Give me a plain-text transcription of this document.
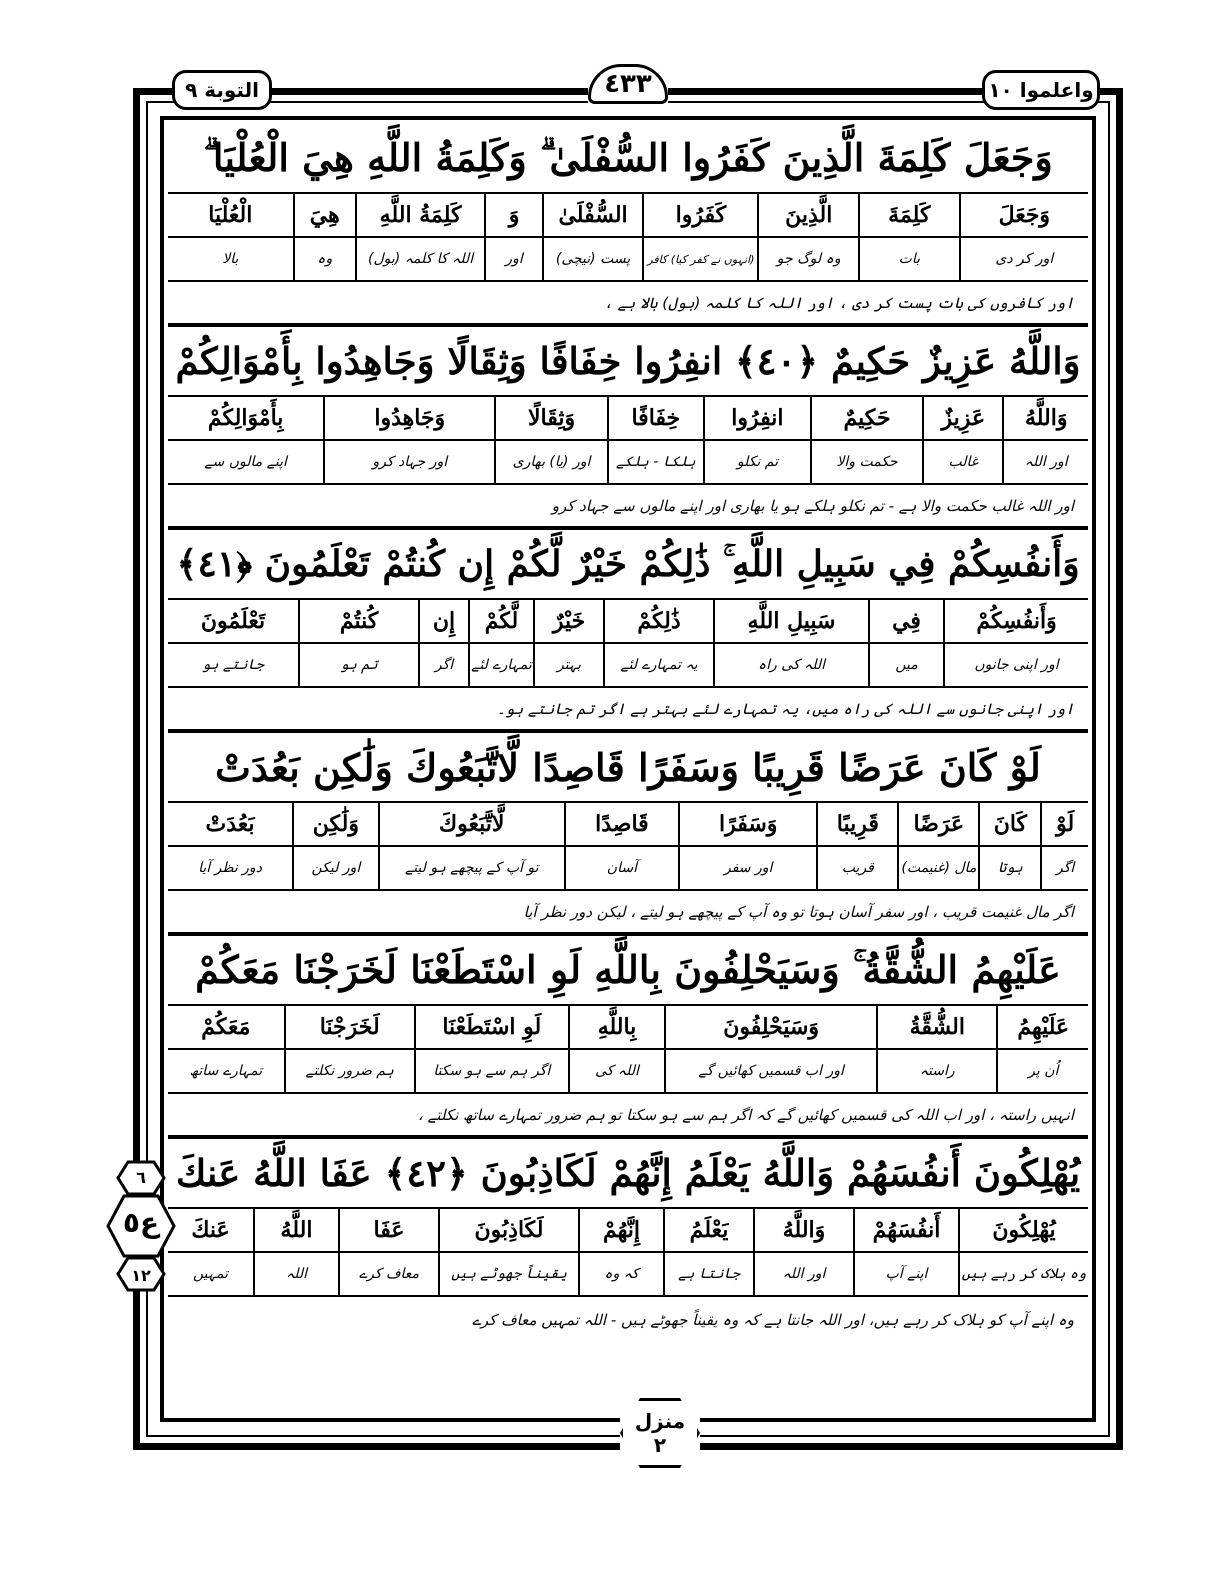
التوبة ٩	٤٣٣	واعلموا ١٠
وَجَعَلَ كَلِمَةَ الَّذِينَ كَفَرُوا السُّفْلَىٰ ۗ وَكَلِمَةُ اللَّهِ هِيَ الْعُلْيَا ۗ
وَجَعَلَ
كَلِمَةَ
الَّذِينَ
كَفَرُوا
السُّفْلَىٰ
وَ
كَلِمَةُ اللَّهِ
هِيَ
الْعُلْيَا
اور کر دی
بات
وہ لوگ جو
(انہوں نے کفر کیا) کافر
پست (نیچی)
اور
اللہ کا کلمہ (بول)
وہ
بالا
اور کافروں کی بات پست کر دی ، اور اللہ کا کلمہ (بول) بالا ہے ،
وَاللَّهُ عَزِيزٌ حَكِيمٌ ﴿٤٠﴾ انفِرُوا خِفَافًا وَثِقَالًا وَجَاهِدُوا بِأَمْوَالِكُمْ
وَاللَّهُ
عَزِيزٌ
حَكِيمٌ
انفِرُوا
خِفَافًا
وَثِقَالًا
وَجَاهِدُوا
بِأَمْوَالِكُمْ
اور اللہ
غالب
حکمت والا
تم نکلو
ہلکا - ہلکے
اور (یا) بھاری
اور جہاد کرو
اپنے مالوں سے
اور اللہ غالب حکمت والا ہے - تم نکلو ہلکے ہو یا بھاری اور اپنے مالوں سے جہاد کرو
وَأَنفُسِكُمْ فِي سَبِيلِ اللَّهِ ۚ ذَٰلِكُمْ خَيْرٌ لَّكُمْ إِن كُنتُمْ تَعْلَمُونَ ﴿٤١﴾
وَأَنفُسِكُمْ
فِي
سَبِيلِ اللَّهِ
ذَٰلِكُمْ
خَيْرٌ
لَّكُمْ
إِن
كُنتُمْ
تَعْلَمُونَ
اور اپنی جانوں
میں
اللہ کی راہ
یہ تمہارے لئے
بہتر
تمہارے لئے
اگر
تم ہو
جانتے ہو
اور اپنی جانوں سے اللہ کی راہ میں، یہ تمہارے لئے بہتر ہے اگر تم جانتے ہو۔
لَوْ كَانَ عَرَضًا قَرِيبًا وَسَفَرًا قَاصِدًا لَّاتَّبَعُوكَ وَلَٰكِن بَعُدَتْ
لَوْ
كَانَ
عَرَضًا
قَرِيبًا
وَسَفَرًا
قَاصِدًا
لَّاتَّبَعُوكَ
وَلَٰكِن
بَعُدَتْ
اگر
ہوتا
مال (غنیمت)
قریب
اور سفر
آسان
تو آپ کے پیچھے ہو لیتے
اور لیکن
دور نظر آیا
اگر مال غنیمت قریب ، اور سفر آسان ہوتا تو وہ آپ کے پیچھے ہو لیتے ، لیکن دور نظر آیا
عَلَيْهِمُ الشُّقَّةُ ۚ وَسَيَحْلِفُونَ بِاللَّهِ لَوِ اسْتَطَعْنَا لَخَرَجْنَا مَعَكُمْ
عَلَيْهِمُ
الشُّقَّةُ
وَسَيَحْلِفُونَ
بِاللَّهِ
لَوِ اسْتَطَعْنَا
لَخَرَجْنَا
مَعَكُمْ
اُن پر
راستہ
اور اب قسمیں کھائیں گے
اللہ کی
اگر ہم سے ہو سکتا
ہم ضرور نکلتے
تمہارے ساتھ
انہیں راستہ ، اور اب اللہ کی قسمیں کھائیں گے کہ اگر ہم سے ہو سکتا تو ہم ضرور تمہارے ساتھ نکلتے ،
يُهْلِكُونَ أَنفُسَهُمْ وَاللَّهُ يَعْلَمُ إِنَّهُمْ لَكَاذِبُونَ ﴿٤٢﴾ عَفَا اللَّهُ عَنكَ
يُهْلِكُونَ
أَنفُسَهُمْ
وَاللَّهُ
يَعْلَمُ
إِنَّهُمْ
لَكَاذِبُونَ
عَفَا
اللَّهُ
عَنكَ
وہ ہلاک کر رہے ہیں
اپنے آپ
اور اللہ
جانتا ہے
کہ وہ
یقیناً جھوٹے ہیں
معاف کرے
اللہ
تمہیں
وہ اپنے آپ کو ہلاک کر رہے ہیں، اور اللہ جانتا ہے کہ وہ یقیناً جھوٹے ہیں - اللہ تمہیں معاف کرے
٦
ع٥
١٢
منزل
٢
